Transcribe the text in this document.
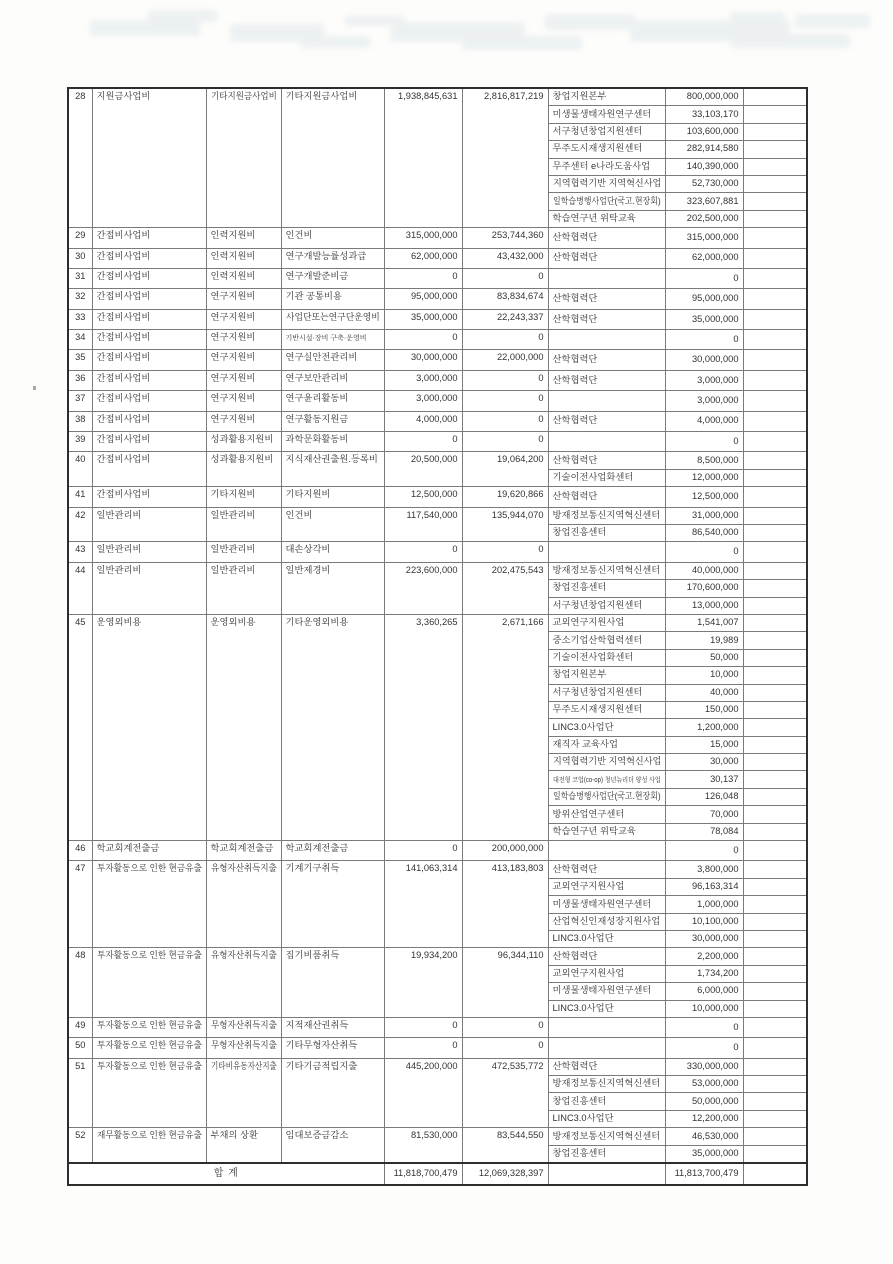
28	지원금사업비	기타지원금사업비	기타지원금사업비	1,938,845,631	2,816,817,219	창업지원본부	800,000,000	
						미생물생태자원연구센터	33,103,170	
						서구청년창업지원센터	103,600,000	
						무주도시재생지원센터	282,914,580	
						무주센터 e나라도움사업	140,390,000	
						지역협력기반 지역혁신사업	52,730,000	
						일학습병행사업단(국고.현장회)	323,607,881	
						학습연구년 위탁교육	202,500,000	
29	간접비사업비	인력지원비	인건비	315,000,000	253,744,360	산학협력단	315,000,000	
30	간접비사업비	인력지원비	연구개발능률성과급	62,000,000	43,432,000	산학협력단	62,000,000	
31	간접비사업비	인력지원비	연구개발준비금	0	0		0	
32	간접비사업비	연구지원비	기관 공통비용	95,000,000	83,834,674	산학협력단	95,000,000	
33	간접비사업비	연구지원비	사업단또는연구단운영비	35,000,000	22,243,337	산학협력단	35,000,000	
34	간접비사업비	연구지원비	기반시설·장비 구축·운영비	0	0		0	
35	간접비사업비	연구지원비	연구실안전관리비	30,000,000	22,000,000	산학협력단	30,000,000	
36	간접비사업비	연구지원비	연구보안관리비	3,000,000	0	산학협력단	3,000,000	
37	간접비사업비	연구지원비	연구윤리활동비	3,000,000	0		3,000,000	
38	간접비사업비	연구지원비	연구활동지원금	4,000,000	0	산학협력단	4,000,000	
39	간접비사업비	성과활용지원비	과학문화활동비	0	0		0	
40	간접비사업비	성과활용지원비	지식재산권출원.등록비	20,500,000	19,064,200	산학협력단	8,500,000	
						기술이전사업화센터	12,000,000	
41	간접비사업비	기타지원비	기타지원비	12,500,000	19,620,866	산학협력단	12,500,000	
42	일반관리비	일반관리비	인건비	117,540,000	135,944,070	방재정보통신지역혁신센터	31,000,000	
						창업진흥센터	86,540,000	
43	일반관리비	일반관리비	대손상각비	0	0		0	
44	일반관리비	일반관리비	일반제경비	223,600,000	202,475,543	방재정보통신지역혁신센터	40,000,000	
						창업진흥센터	170,600,000	
						서구청년창업지원센터	13,000,000	
45	운영외비용	운영외비용	기타운영외비용	3,360,265	2,671,166	교외연구지원사업	1,541,007	
						중소기업산학협력센터	19,989	
						기술이전사업화센터	50,000	
						창업지원본부	10,000	
						서구청년창업지원센터	40,000	
						무주도시재생지원센터	150,000	
						LINC3.0사업단	1,200,000	
						재직자 교육사업	15,000	
						지역협력기반 지역혁신사업	30,000	
						대전형 코업(co-op) 청년뉴리더 양성 사업	30,137	
						일학습병행사업단(국고.현장회)	126,048	
						방위산업연구센터	70,000	
						학습연구년 위탁교육	78,084	
46	학교회계전출금	학교회계전출금	학교회계전출금	0	200,000,000		0	
47	투자활동으로 인한 현금유출	유형자산취득지출	기계기구취득	141,063,314	413,183,803	산학협력단	3,800,000	
						교외연구지원사업	96,163,314	
						미생물생태자원연구센터	1,000,000	
						산업혁신인재성장지원사업	10,100,000	
						LINC3.0사업단	30,000,000	
48	투자활동으로 인한 현금유출	유형자산취득지출	집기비품취득	19,934,200	96,344,110	산학협력단	2,200,000	
						교외연구지원사업	1,734,200	
						미생물생태자원연구센터	6,000,000	
						LINC3.0사업단	10,000,000	
49	투자활동으로 인한 현금유출	무형자산취득지출	지적재산권취득	0	0		0	
50	투자활동으로 인한 현금유출	무형자산취득지출	기타무형자산취득	0	0		0	
51	투자활동으로 인한 현금유출	기타비유동자산지출	기타기금적립지출	445,200,000	472,535,772	산학협력단	330,000,000	
						방재정보통신지역혁신센터	53,000,000	
						창업진흥센터	50,000,000	
						LINC3.0사업단	12,200,000	
52	재무활동으로 인한 현금유출	부채의 상환	임대보증금감소	81,530,000	83,544,550	방재정보통신지역혁신센터	46,530,000	
						창업진흥센터	35,000,000	
합 계				11,818,700,479	12,069,328,397		11,813,700,479	
